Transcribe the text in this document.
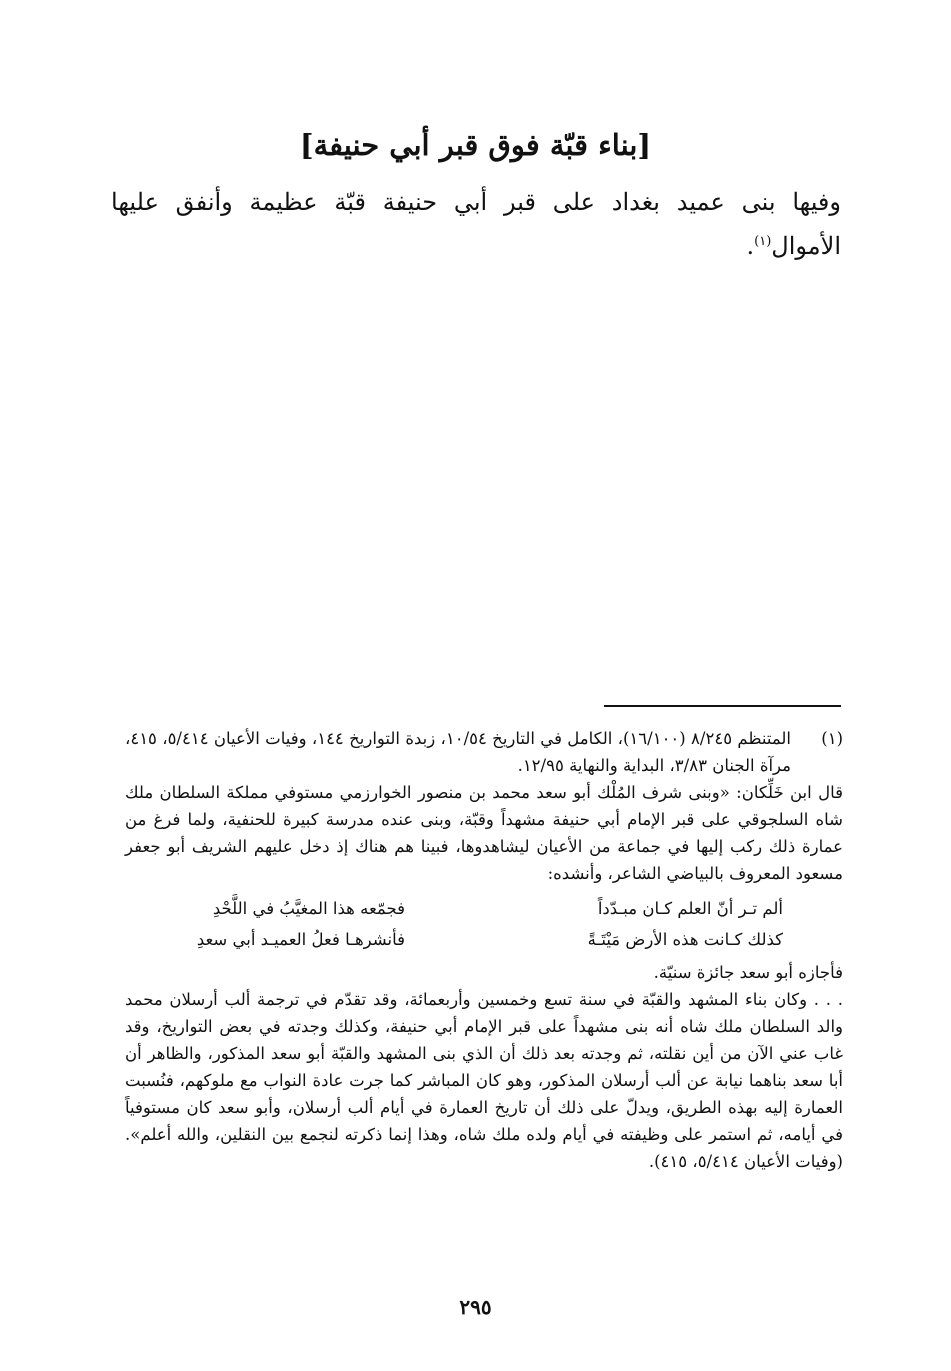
[بناء قبّة فوق قبر أبي حنيفة]
وفيها بنى عميد بغداد على قبر أبي حنيفة قبّة عظيمة وأنفق عليها الأموال$^{(١)}$.
(١)
المتنظم ٨/٢٤٥ (١٦/١٠٠)، الكامل في التاريخ ١٠/٥٤، زبدة التواريخ ١٤٤، وفيات الأعيان ٥/٤١٤، ٤١٥، مرآة الجنان ٣/٨٣، البداية والنهاية ١٢/٩٥.

قال ابن خَلِّكان: «وبنى شرف المُلْك أبو سعد محمد بن منصور الخوارزمي مستوفي مملكة السلطان ملك شاه السلجوقي على قبر الإمام أبي حنيفة مشهداً وقبّة، وبنى عنده مدرسة كبيرة للحنفية، ولما فرغ من عمارة ذلك ركب إليها في جماعة من الأعيان ليشاهدوها، فبينا هم هناك إذ دخل عليهم الشريف أبو جعفر مسعود المعروف بالبياضي الشاعر، وأنشده:

ألم تـر أنّ العلم كـان مبـدّداً
فجمّعه هذا المغيَّبُ في اللَّحْدِ
كذلك كـانت هذه الأرض مَيْتَـةً
فأنشرهـا فعلُ العميـد أبي سعدِ

فأجازه أبو سعد جائزة سنيّة.

. . . وكان بناء المشهد والقبّة في سنة تسع وخمسين وأربعمائة، وقد تقدّم في ترجمة ألب أرسلان محمد والد السلطان ملك شاه أنه بنى مشهداً على قبر الإمام أبي حنيفة، وكذلك وجدته في بعض التواريخ، وقد غاب عني الآن من أين نقلته، ثم وجدته بعد ذلك أن الذي بنى المشهد والقبّة أبو سعد المذكور، والظاهر أن أبا سعد بناهما نيابة عن ألب أرسلان المذكور، وهو كان المباشر كما جرت عادة النواب مع ملوكهم، فنُسبت العمارة إليه بهذه الطريق، ويدلّ على ذلك أن تاريخ العمارة في أيام ألب أرسلان، وأبو سعد كان مستوفياً في أيامه، ثم استمر على وظيفته في أيام ولده ملك شاه، وهذا إنما ذكرته لنجمع بين النقلين، والله أعلم». (وفيات الأعيان ٥/٤١٤، ٤١٥).

٢٩٥
